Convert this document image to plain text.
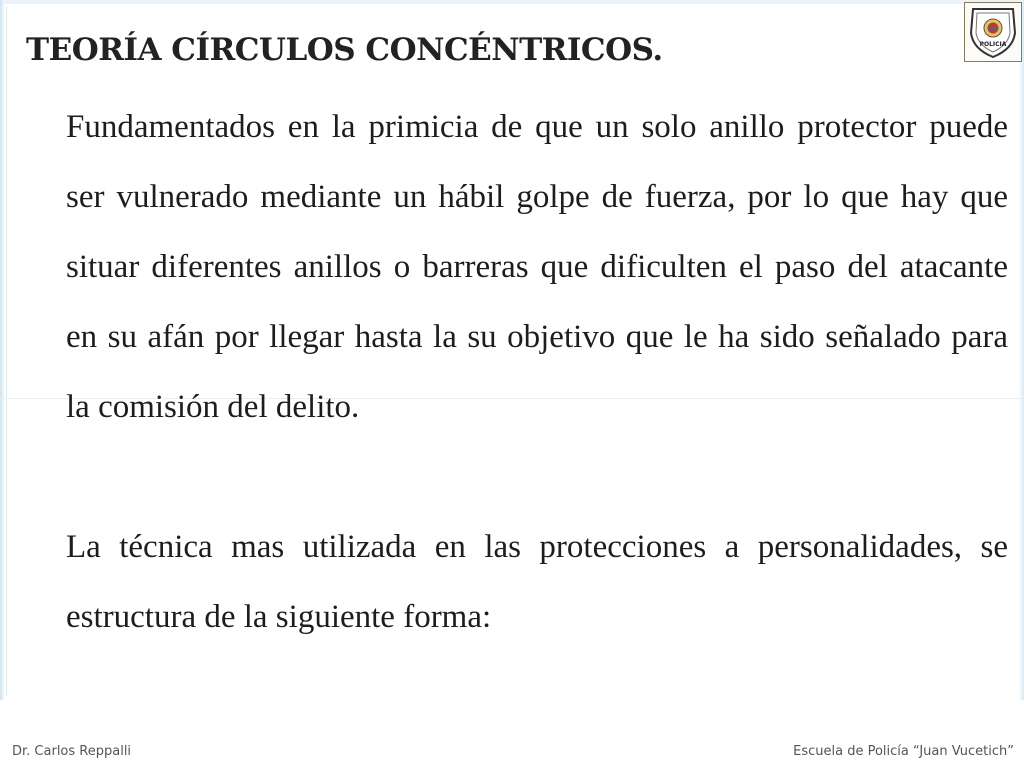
TEORÍA CÍRCULOS CONCÉNTRICOS.

Fundamentados en la primicia de que un solo anillo protector puede ser vulnerado mediante un hábil golpe de fuerza, por lo que hay que situar diferentes anillos o barreras que dificulten el paso del atacante en su afán por llegar hasta la su objetivo que le ha sido señalado para la comisión del delito.

La técnica mas utilizada en las protecciones a personalidades, se estructura de la siguiente forma:

POLICIA
Dr. Carlos Reppalli	Escuela de Policía “Juan Vucetich”
